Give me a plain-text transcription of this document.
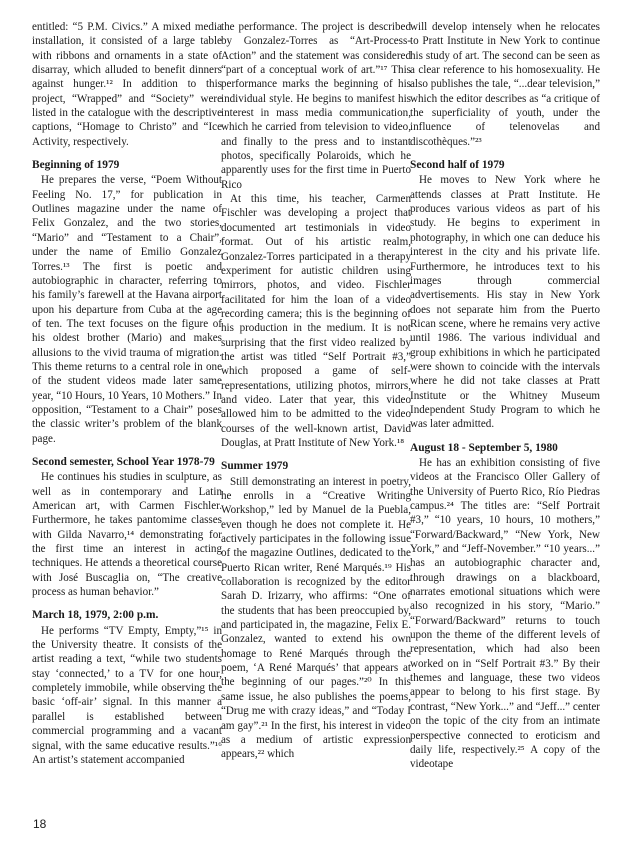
entitled: “5 P.M. Civics.” A mixed media installation, it consisted of a large table with ribbons and ornaments in a state of disarray, which alluded to benefit dinners against hunger.¹² In addition to this project, “Wrapped” and “Society” were listed in the catalogue with the descriptive captions, “Homage to Christo” and “Ice Activity, respectively.

Beginning of 1979

He prepares the verse, “Poem Without Feeling No. 17,” for publication in Outlines magazine under the name of Felix Gonzalez, and the two stories, “Mario” and “Testament to a Chair”, under the name of Emilio Gonzalez Torres.¹³ The first is poetic and autobiographic in character, referring to his family’s farewell at the Havana airport upon his departure from Cuba at the age of ten. The text focuses on the figure of his oldest brother (Mario) and makes allusions to the vivid trauma of migration. This theme returns to a central role in one of the student videos made later same year, “10 Hours, 10 Years, 10 Mothers.” In opposition, “Testament to a Chair” poses the classic writer’s problem of the blank page.

Second semester, School Year 1978-79

He continues his studies in sculpture, as well as in contemporary and Latin American art, with Carmen Fischler. Furthermore, he takes pantomime classes with Gilda Navarro,¹⁴ demonstrating for the first time an interest in acting techniques. He attends a theoretical course with José Buscaglia on, “The creative process as human behavior.”

March 18, 1979, 2:00 p.m.

He performs “TV Empty, Empty,”¹⁵ in the University theatre. It consists of the artist reading a text, “while two students stay ‘connected,’ to a TV for one hour, completely immobile, while observing the basic ‘off-air’ signal. In this manner a parallel is established between commercial programming and a vacant signal, with the same educative results.”¹⁶ An artist’s statement accompanied

the performance. The project is described by Gonzalez-Torres as “Art-Process-Action” and the statement was considered “part of a conceptual work of art.”¹⁷ This performance marks the beginning of his individual style. He begins to manifest his interest in mass media communication, which he carried from television to video, and finally to the press and to instant photos, specifically Polaroids, which he apparently uses for the first time in Puerto Rico

At this time, his teacher, Carmen Fischler was developing a project that documented art testimonials in video format. Out of his artistic realm, Gonzalez-Torres participated in a therapy experiment for autistic children using mirrors, photos, and video. Fischler facilitated for him the loan of a video recording camera; this is the beginning of his production in the medium. It is not surprising that the first video realized by the artist was titled “Self Portrait #3,” which proposed a game of self-representations, utilizing photos, mirrors, and video. Later that year, this video allowed him to be admitted to the video courses of the well-known artist, David Douglas, at Pratt Institute of New York.¹⁸

Summer 1979

Still demonstrating an interest in poetry, he enrolls in a “Creative Writing Workshop,” led by Manuel de la Puebla, even though he does not complete it. He actively participates in the following issue of the magazine Outlines, dedicated to the Puerto Rican writer, René Marqués.¹⁹ His collaboration is recognized by the editor Sarah D. Irizarry, who affirms: “One of the students that has been preoccupied by, and participated in, the magazine, Felix E. Gonzalez, wanted to extend his own homage to René Marqués through the poem, ‘A René Marqués’ that appears at the beginning of our pages.”²⁰ In this same issue, he also publishes the poems, “Drug me with crazy ideas,” and “Today I am gay”.²¹ In the first, his interest in video as a medium of artistic expression appears,²² which

will develop intensely when he relocates to Pratt Institute in New York to continue his study of art. The second can be seen as a clear reference to his homosexuality. He also publishes the tale, “...dear television,” which the editor describes as “a critique of the superficiality of youth, under the influence of telenovelas and discothèques.”²³

Second half of 1979

He moves to New York where he attends classes at Pratt Institute. He produces various videos as part of his study. He begins to experiment in photography, in which one can deduce his interest in the city and his private life. Furthermore, he introduces text to his images through commercial advertisements. His stay in New York does not separate him from the Puerto Rican scene, where he remains very active until 1986. The various individual and group exhibitions in which he participated were shown to coincide with the intervals where he did not take classes at Pratt Institute or the Whitney Museum Independent Study Program to which he was later admitted.

August 18 - September 5, 1980

He has an exhibition consisting of five videos at the Francisco Oller Gallery of the University of Puerto Rico, Río Piedras campus.²⁴ The titles are: “Self Portrait #3,” “10 years, 10 hours, 10 mothers,” “Forward/Backward,” “New York, New York,” and “Jeff-November.” “10 years...” has an autobiographic character and, through drawings on a blackboard, narrates emotional situations which were also recognized in his story, “Mario.” “Forward/Backward” returns to touch upon the theme of the different levels of representation, which had also been worked on in “Self Portrait #3.” By their themes and language, these two videos appear to belong to his first stage. By contrast, “New York...” and “Jeff...” center on the topic of the city from an intimate perspective connected to eroticism and daily life, respectively.²⁵ A copy of the videotape

18
